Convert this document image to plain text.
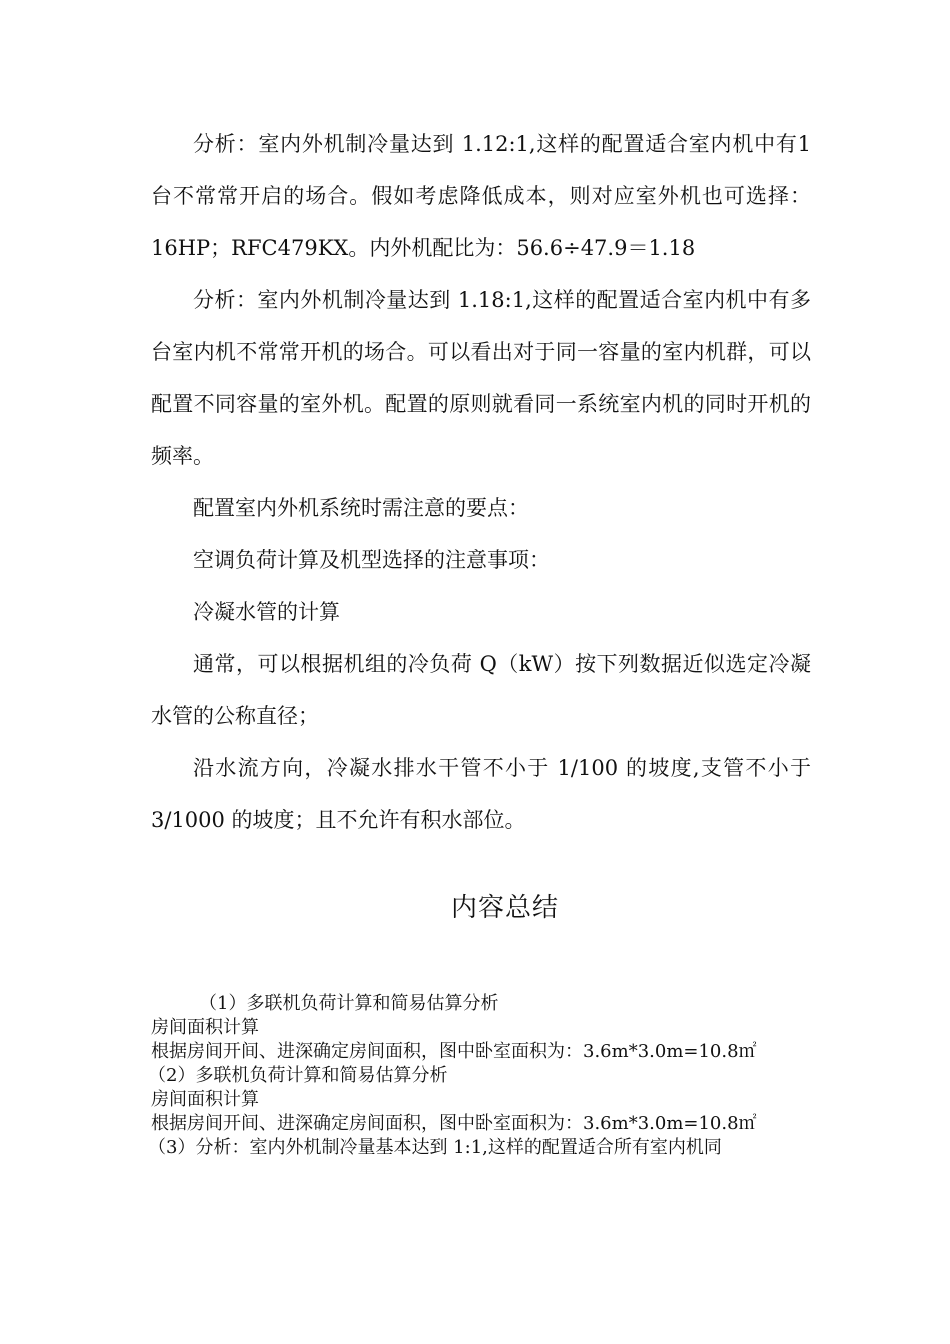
分析：室内外机制冷量达到 1.12:1,这样的配置适合室内机中有1 台不常常开启的场合。假如考虑降低成本，则对应室外机也可选择：16HP；RFC479KX。内外机配比为：56.6÷47.9＝1.18

分析：室内外机制冷量达到 1.18:1,这样的配置适合室内机中有多台室内机不常常开机的场合。可以看出对于同一容量的室内机群，可以配置不同容量的室外机。配置的原则就看同一系统室内机的同时开机的频率。

配置室内外机系统时需注意的要点：

空调负荷计算及机型选择的注意事项：

冷凝水管的计算

通常，可以根据机组的冷负荷 Q（kW）按下列数据近似选定冷凝水管的公称直径；

沿水流方向，冷凝水排水干管不小于 1/100 的坡度,支管不小于3/1000 的坡度；且不允许有积水部位。

内容总结

（1）多联机负荷计算和简易估算分析

房间面积计算

根据房间开间、进深确定房间面积，图中卧室面积为：3.6m*3.0m=10.8㎡

（2）多联机负荷计算和简易估算分析

房间面积计算

根据房间开间、进深确定房间面积，图中卧室面积为：3.6m*3.0m=10.8㎡

（3）分析：室内外机制冷量基本达到 1:1,这样的配置适合所有室内机同
